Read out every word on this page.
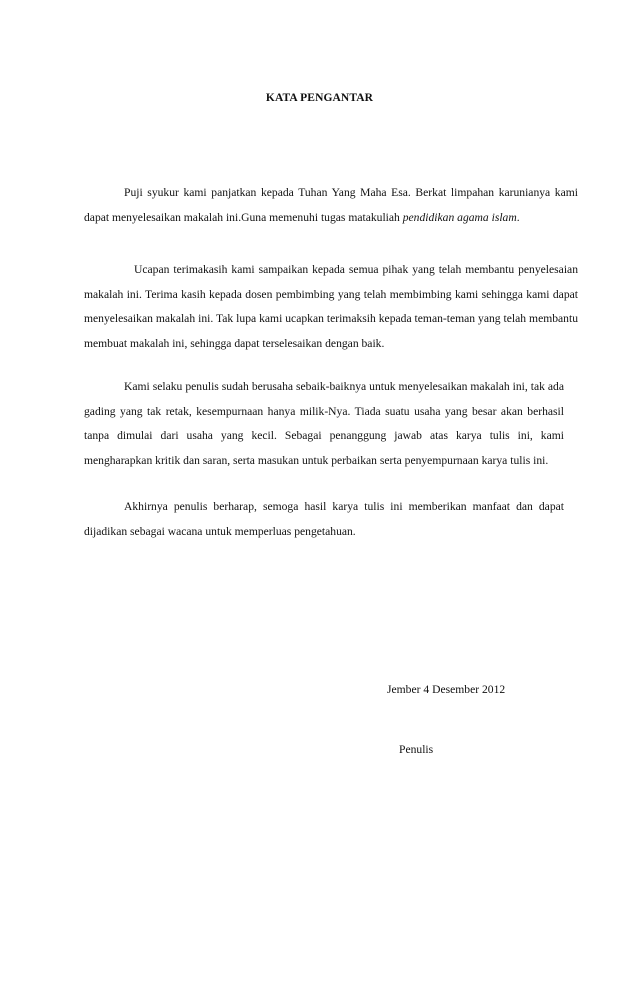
KATA PENGANTAR

Puji syukur kami panjatkan kepada Tuhan Yang Maha Esa. Berkat limpahan karunianya kami dapat menyelesaikan makalah ini.Guna memenuhi tugas matakuliah pendidikan agama islam.

Ucapan terimakasih kami sampaikan kepada semua pihak yang telah membantu penyelesaian makalah ini. Terima kasih kepada dosen pembimbing yang telah membimbing kami sehingga kami dapat menyelesaikan makalah ini. Tak lupa kami ucapkan terimaksih kepada teman-teman yang telah membantu membuat makalah ini, sehingga dapat terselesaikan dengan baik.

Kami selaku penulis sudah berusaha sebaik-baiknya untuk menyelesaikan makalah ini, tak ada gading yang tak retak, kesempurnaan hanya milik-Nya. Tiada suatu usaha yang besar akan berhasil tanpa dimulai dari usaha yang kecil. Sebagai penanggung jawab atas karya tulis ini, kami mengharapkan kritik dan saran, serta masukan untuk perbaikan serta penyempurnaan karya tulis ini.

Akhirnya penulis berharap, semoga hasil karya tulis ini memberikan manfaat dan dapat dijadikan sebagai wacana untuk memperluas pengetahuan.

Jember 4 Desember 2012
Penulis
